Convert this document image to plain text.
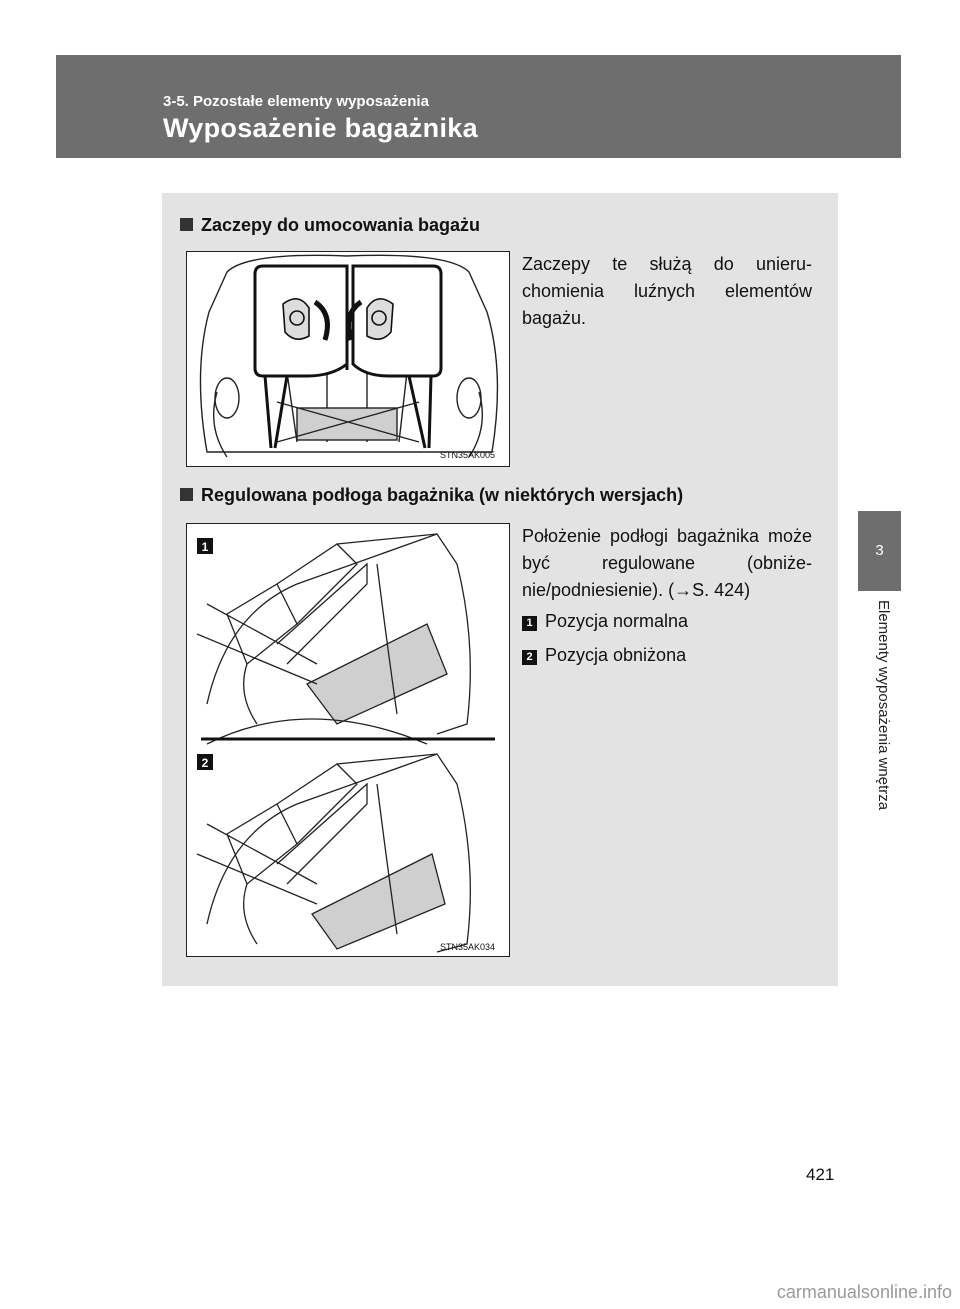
3-5. Pozostałe elementy wyposażenia
Wyposażenie bagażnika
3
Elementy wyposażenia wnętrza
Zaczepy do umocowania bagażu
STN35AK005
Zaczepy te służą do unieru-chomienia luźnych elementów bagażu.
Regulowana podłoga bagażnika (w niektórych wersjach)
1
2
STN35AK034
Położenie podłogi bagażnika może być regulowane (obniże-nie/podniesienie). (→S. 424)
1 Pozycja normalna
2 Pozycja obniżona
421
carmanualsonline.info
